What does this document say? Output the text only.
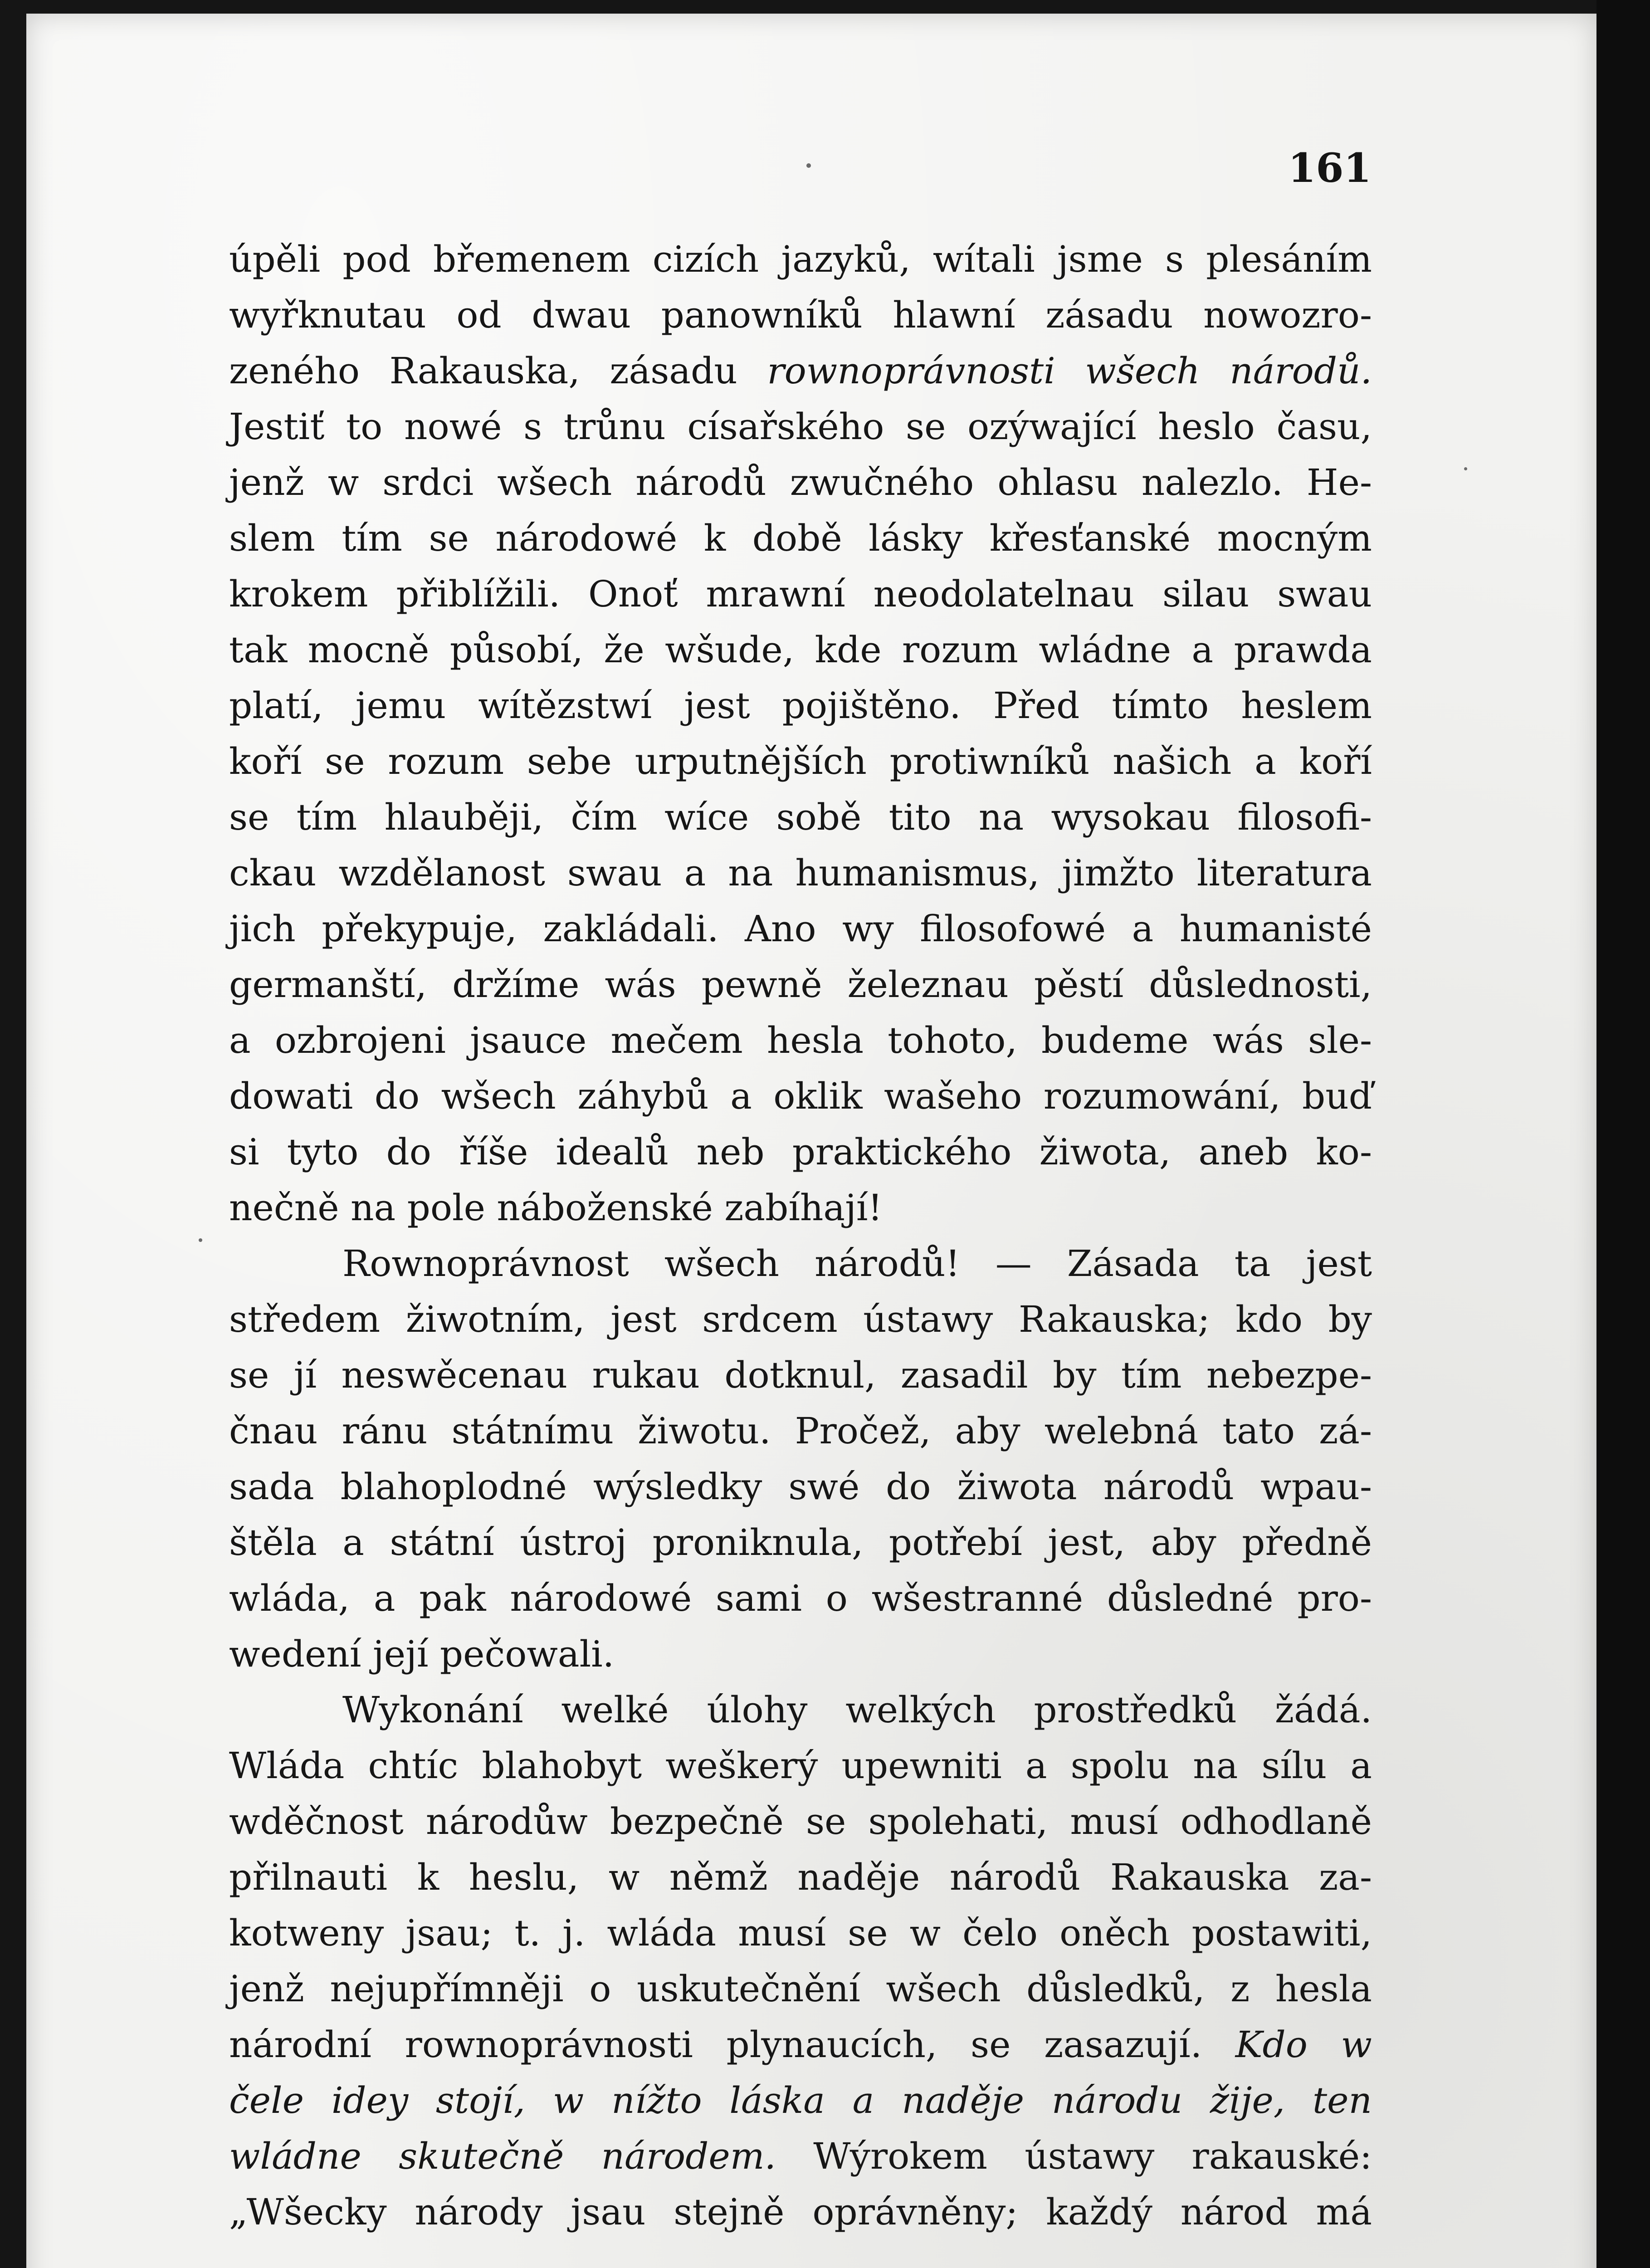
161
úpěli pod břemenem cizích jazyků, wítali jsme s plesáním
wyřknutau od dwau panowníků hlawní zásadu nowozro-
zeného Rakauska, zásadu rownoprávnosti wšech národů.
Jestiť to nowé s trůnu císařského se ozýwající heslo času,
jenž w srdci wšech národů zwučného ohlasu nalezlo. He-
slem tím se národowé k době lásky křesťanské mocným
krokem přiblížili. Onoť mrawní neodolatelnau silau swau
tak mocně působí, že wšude, kde rozum wládne a prawda
platí, jemu wítězstwí jest pojištěno. Před tímto heslem
koří se rozum sebe urputnějších protiwníků našich a koří
se tím hlauběji, čím wíce sobě tito na wysokau filosofi-
ckau wzdělanost swau a na humanismus, jimžto literatura
jich překypuje, zakládali. Ano wy filosofowé a humanisté
germanští, držíme wás pewně železnau pěstí důslednosti,
a ozbrojeni jsauce mečem hesla tohoto, budeme wás sle-
dowati do wšech záhybů a oklik wašeho rozumowání, buď
si tyto do říše idealů neb praktického žiwota, aneb ko-
nečně na pole náboženské zabíhají!
Rownoprávnost wšech národů! — Zásada ta jest
středem žiwotním, jest srdcem ústawy Rakauska; kdo by
se jí neswěcenau rukau dotknul, zasadil by tím nebezpe-
čnau ránu státnímu žiwotu. Pročež, aby welebná tato zá-
sada blahoplodné wýsledky swé do žiwota národů wpau-
štěla a státní ústroj proniknula, potřebí jest, aby předně
wláda, a pak národowé sami o wšestranné důsledné pro-
wedení její pečowali.
Wykonání welké úlohy welkých prostředků žádá.
Wláda chtíc blahobyt weškerý upewniti a spolu na sílu a
wděčnost národůw bezpečně se spolehati, musí odhodlaně
přilnauti k heslu, w němž naděje národů Rakauska za-
kotweny jsau; t. j. wláda musí se w čelo oněch postawiti,
jenž nejupřímněji o uskutečnění wšech důsledků, z hesla
národní rownoprávnosti plynaucích, se zasazují. Kdo w
čele idey stojí, w nížto láska a naděje národu žije, ten
wládne skutečně národem. Wýrokem ústawy rakauské:
„Wšecky národy jsau stejně oprávněny; každý národ má
